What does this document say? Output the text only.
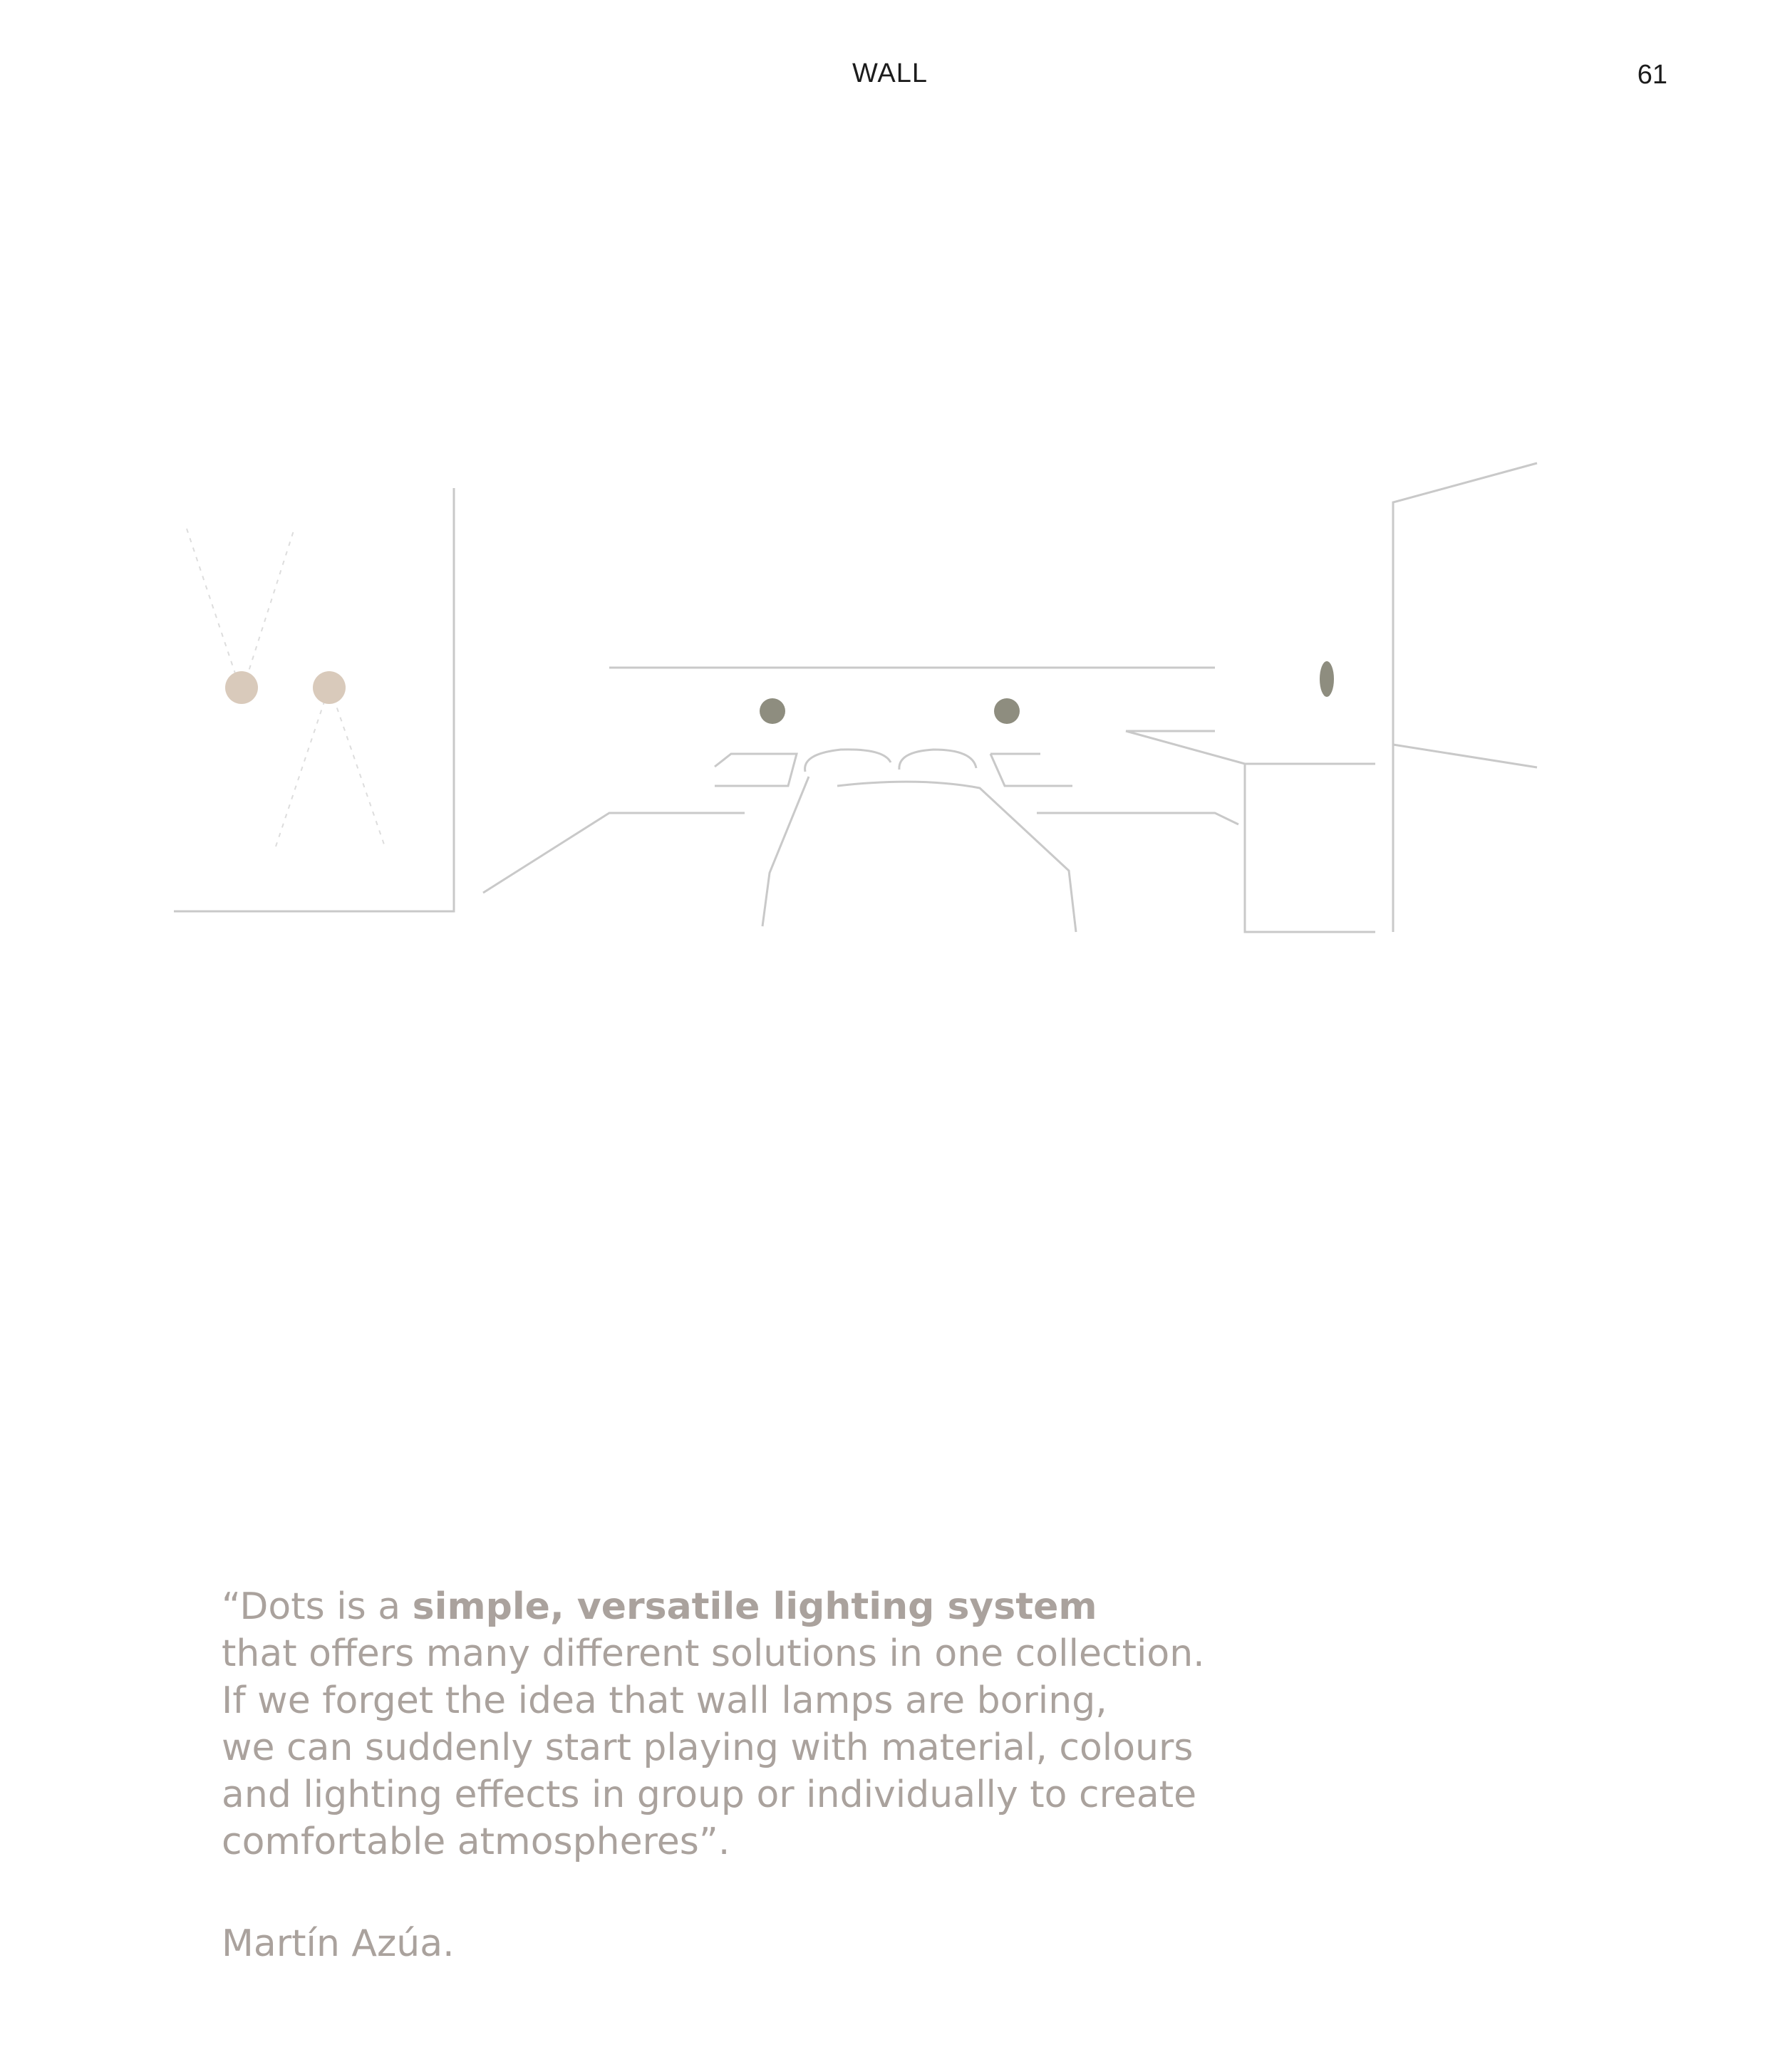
WALL	61

“Dots is a simple, versatile lighting system
that offers many different solutions in one collection.
If we forget the idea that wall lamps are boring,
we can suddenly start playing with material, colours
and lighting effects in group or individually to create
comfortable atmospheres”.

Martín Azúa.
